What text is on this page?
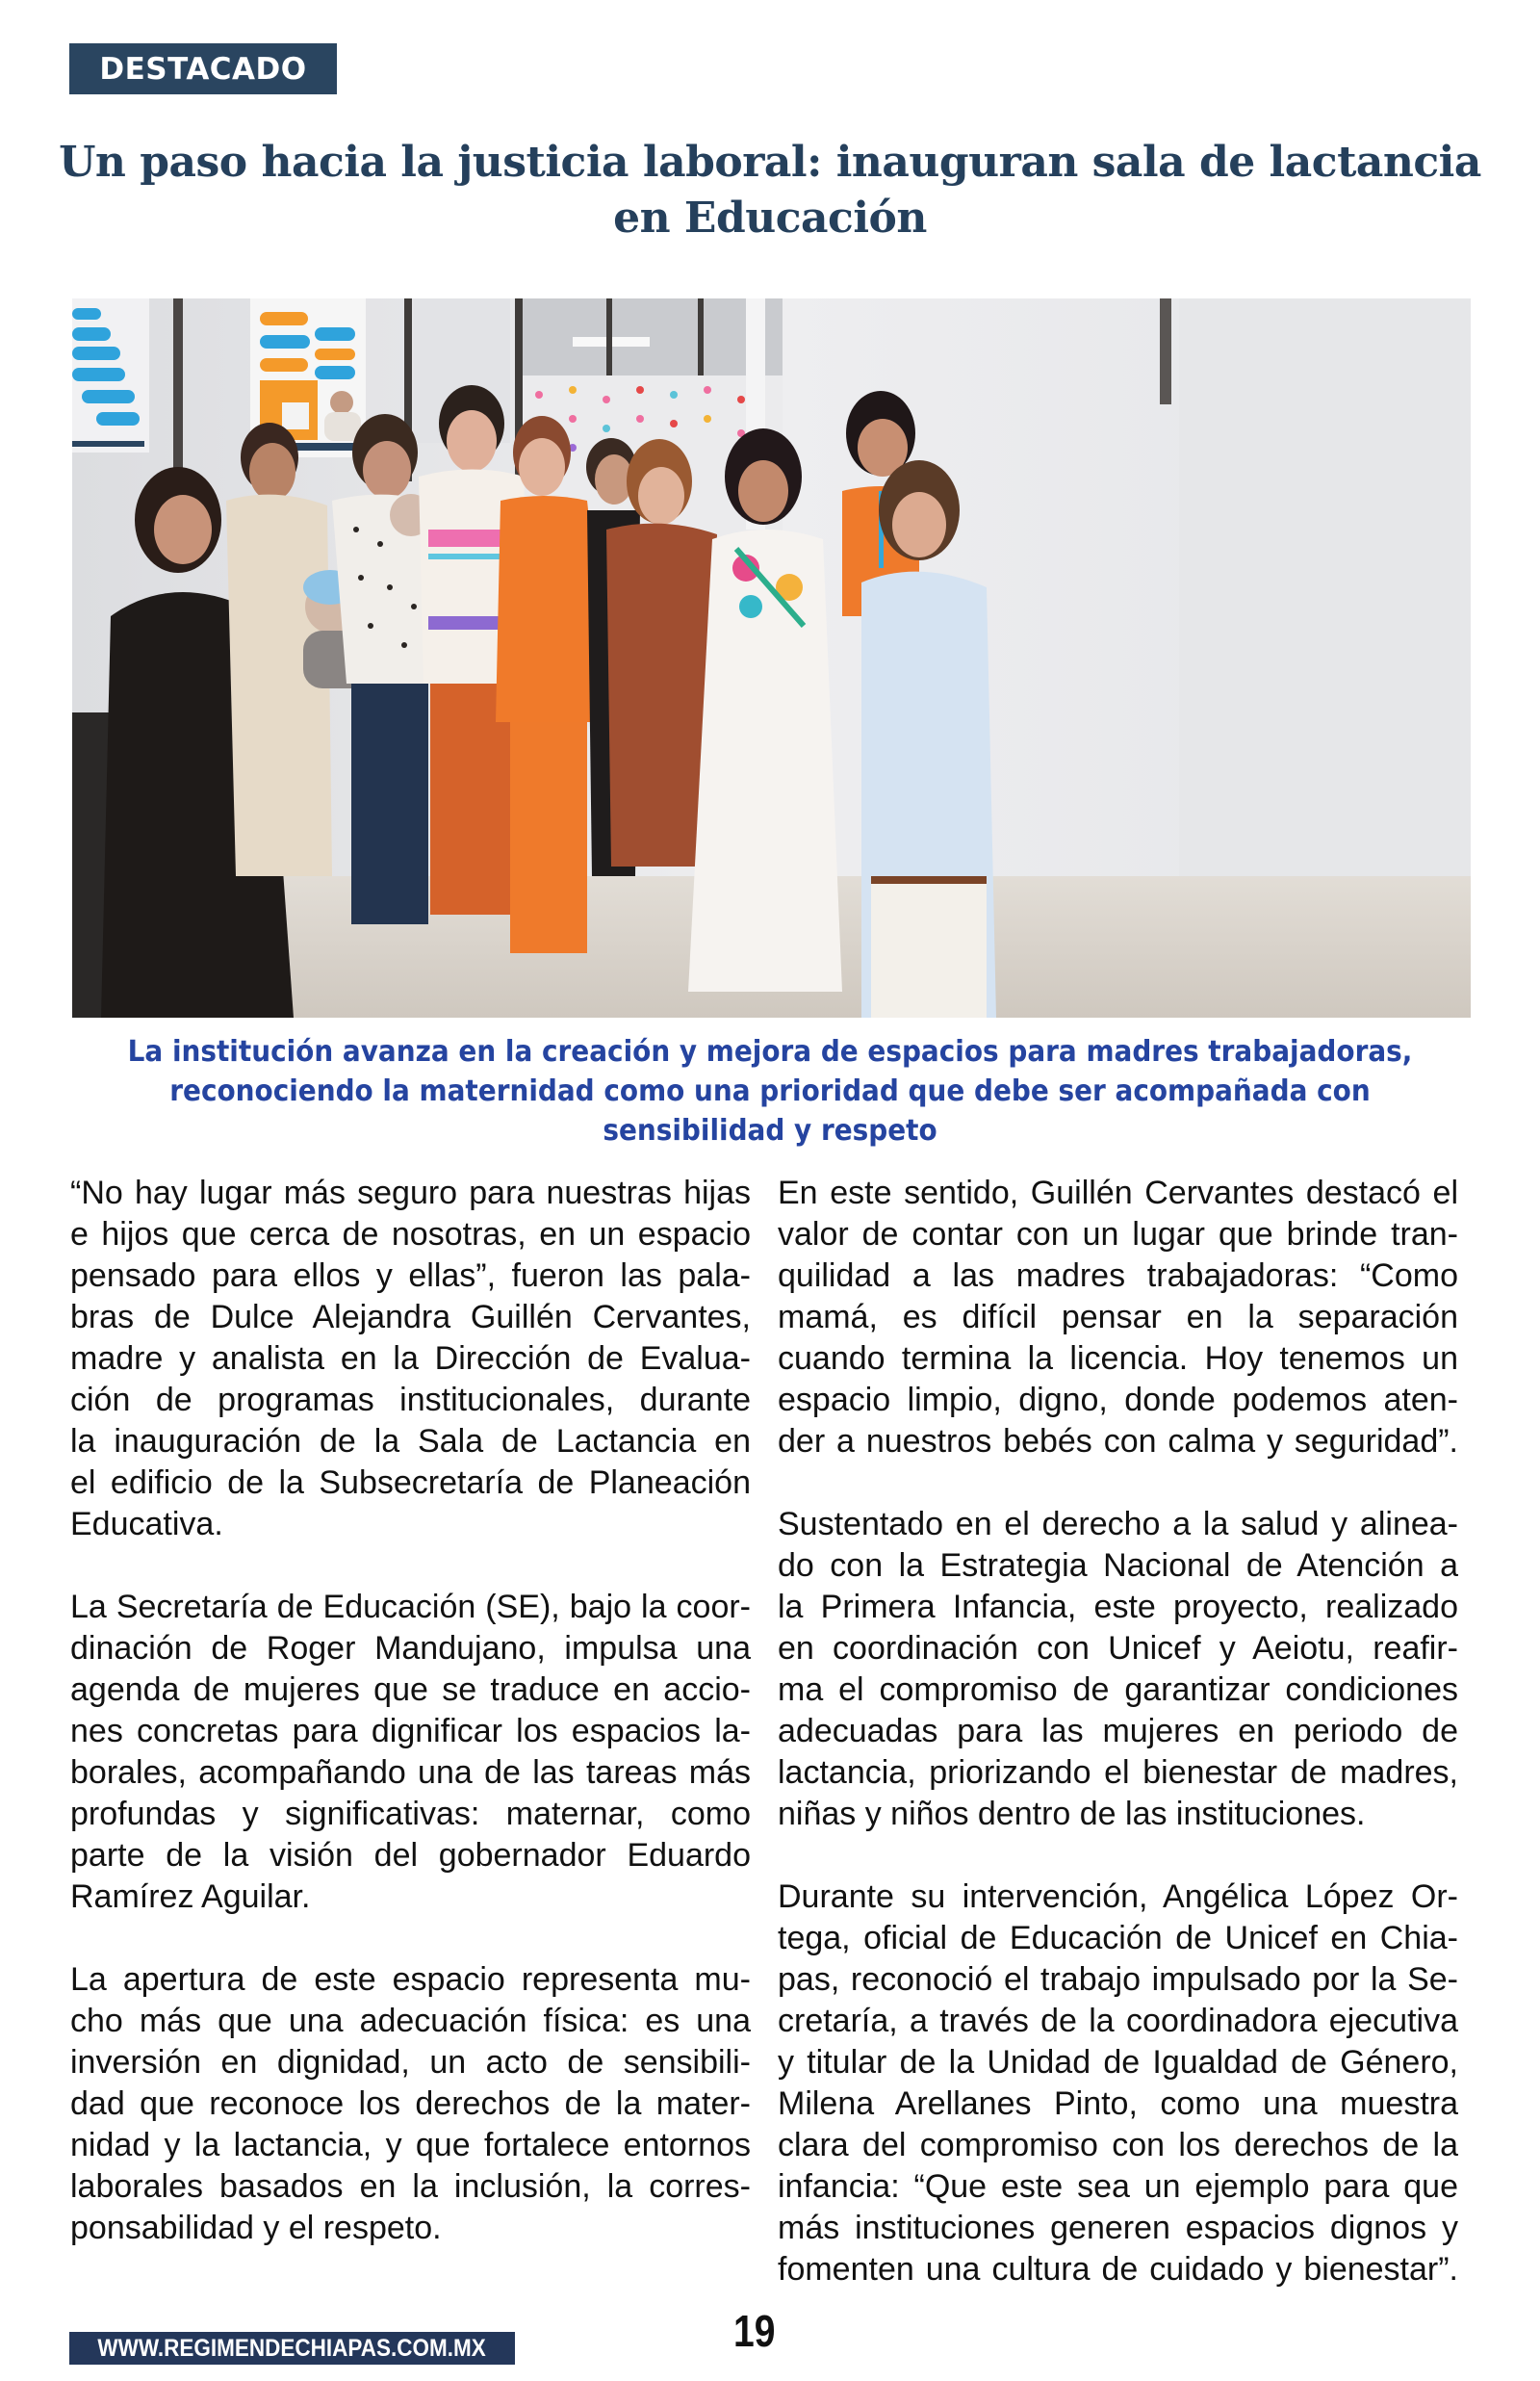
DESTACADO
Un paso hacia la justicia laboral: inauguran sala de lactancia
en Educación
La institución avanza en la creación y mejora de espacios para madres trabajadoras,
reconociendo la maternidad como una prioridad que debe ser acompañada con
sensibilidad y respeto
“No hay lugar más seguro para nuestras hijas
e hijos que cerca de nosotras, en un espacio
pensado para ellos y ellas”, fueron las pala-
bras de Dulce Alejandra Guillén Cervantes,
madre y analista en la Dirección de Evalua-
ción de programas institucionales, durante
la inauguración de la Sala de Lactancia en
el edificio de la Subsecretaría de Planeación
Educativa.
La Secretaría de Educación (SE), bajo la coor-
dinación de Roger Mandujano, impulsa una
agenda de mujeres que se traduce en accio-
nes concretas para dignificar los espacios la-
borales, acompañando una de las tareas más
profundas y significativas: maternar, como
parte de la visión del gobernador Eduardo
Ramírez Aguilar.
La apertura de este espacio representa mu-
cho más que una adecuación física: es una
inversión en dignidad, un acto de sensibili-
dad que reconoce los derechos de la mater-
nidad y la lactancia, y que fortalece entornos
laborales basados en la inclusión, la corres-
ponsabilidad y el respeto.
En este sentido, Guillén Cervantes destacó el
valor de contar con un lugar que brinde tran-
quilidad a las madres trabajadoras: “Como
mamá, es difícil pensar en la separación
cuando termina la licencia. Hoy tenemos un
espacio limpio, digno, donde podemos aten-
der a nuestros bebés con calma y seguridad”.
Sustentado en el derecho a la salud y alinea-
do con la Estrategia Nacional de Atención a
la Primera Infancia, este proyecto, realizado
en coordinación con Unicef y Aeiotu, reafir-
ma el compromiso de garantizar condiciones
adecuadas para las mujeres en periodo de
lactancia, priorizando el bienestar de madres,
niñas y niños dentro de las instituciones.
Durante su intervención, Angélica López Or-
tega, oficial de Educación de Unicef en Chia-
pas, reconoció el trabajo impulsado por la Se-
cretaría, a través de la coordinadora ejecutiva
y titular de la Unidad de Igualdad de Género,
Milena Arellanes Pinto, como una muestra
clara del compromiso con los derechos de la
infancia: “Que este sea un ejemplo para que
más instituciones generen espacios dignos y
fomenten una cultura de cuidado y bienestar”.
19
WWW.REGIMENDECHIAPAS.COM.MX
